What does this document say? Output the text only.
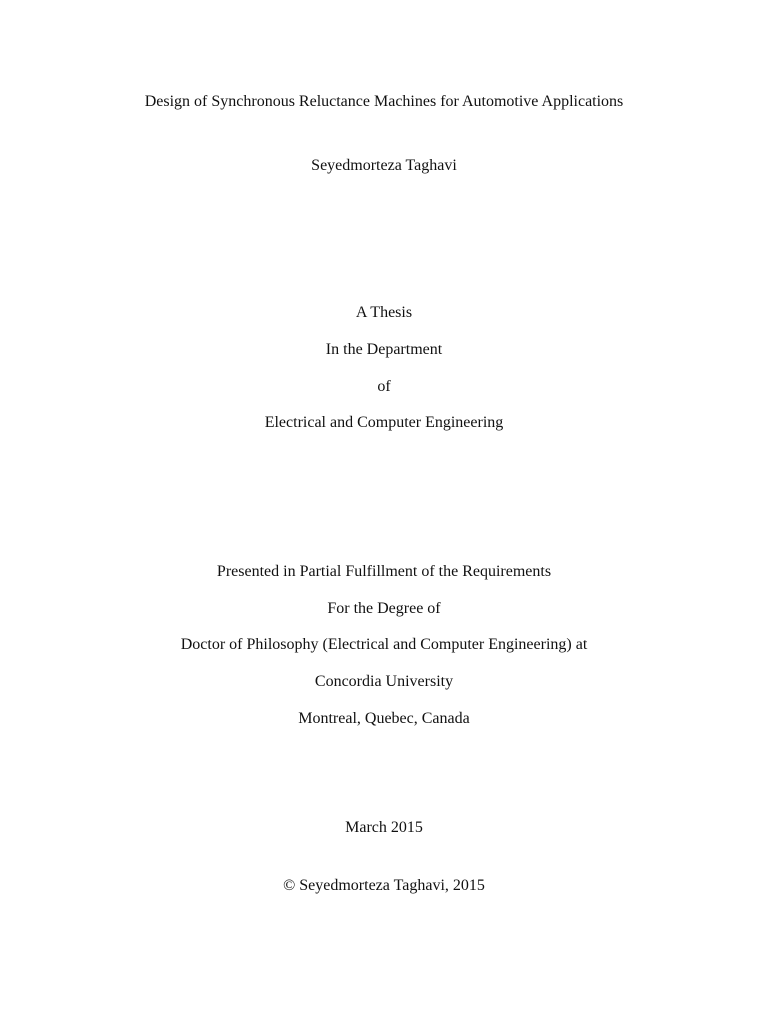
Design of Synchronous Reluctance Machines for Automotive Applications
Seyedmorteza Taghavi
A Thesis
In the Department
of
Electrical and Computer Engineering
Presented in Partial Fulfillment of the Requirements
For the Degree of
Doctor of Philosophy (Electrical and Computer Engineering) at
Concordia University
Montreal, Quebec, Canada
March 2015
© Seyedmorteza Taghavi, 2015
